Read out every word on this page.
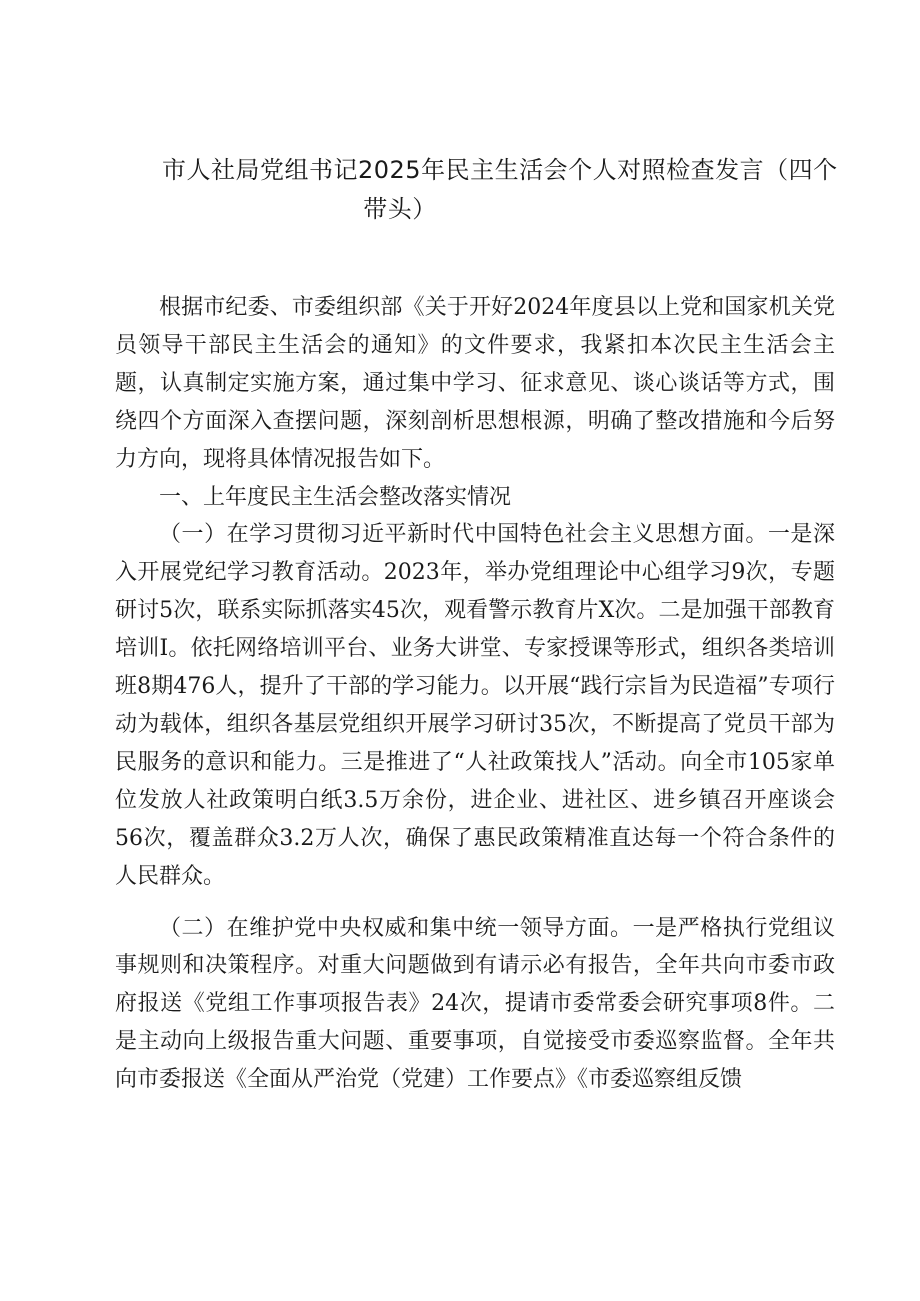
市人社局党组书记2025年民主生活会个人对照检查发言（四个
带头）

根据市纪委、市委组织部《关于开好2024年度县以上党和国家机关党员领导干部民主生活会的通知》的文件要求，我紧扣本次民主生活会主题，认真制定实施方案，通过集中学习、征求意见、谈心谈话等方式，围绕四个方面深入查摆问题，深刻剖析思想根源，明确了整改措施和今后努力方向，现将具体情况报告如下。

一、上年度民主生活会整改落实情况

（一）在学习贯彻习近平新时代中国特色社会主义思想方面。一是深入开展党纪学习教育活动。2023年，举办党组理论中心组学习9次，专题研讨5次，联系实际抓落实45次，观看警示教育片X次。二是加强干部教育培训I。依托网络培训平台、业务大讲堂、专家授课等形式，组织各类培训班8期476人，提升了干部的学习能力。以开展“践行宗旨为民造福”专项行动为载体，组织各基层党组织开展学习研讨35次，不断提高了党员干部为民服务的意识和能力。三是推进了“人社政策找人”活动。向全市105家单位发放人社政策明白纸3.5万余份，进企业、进社区、进乡镇召开座谈会56次，覆盖群众3.2万人次，确保了惠民政策精准直达每一个符合条件的人民群众。

（二）在维护党中央权威和集中统一领导方面。一是严格执行党组议事规则和决策程序。对重大问题做到有请示必有报告，全年共向市委市政府报送《党组工作事项报告表》24次，提请市委常委会研究事项8件。二是主动向上级报告重大问题、重要事项，自觉接受市委巡察监督。全年共向市委报送《全面从严治党（党建）工作要点》《市委巡察组反馈
